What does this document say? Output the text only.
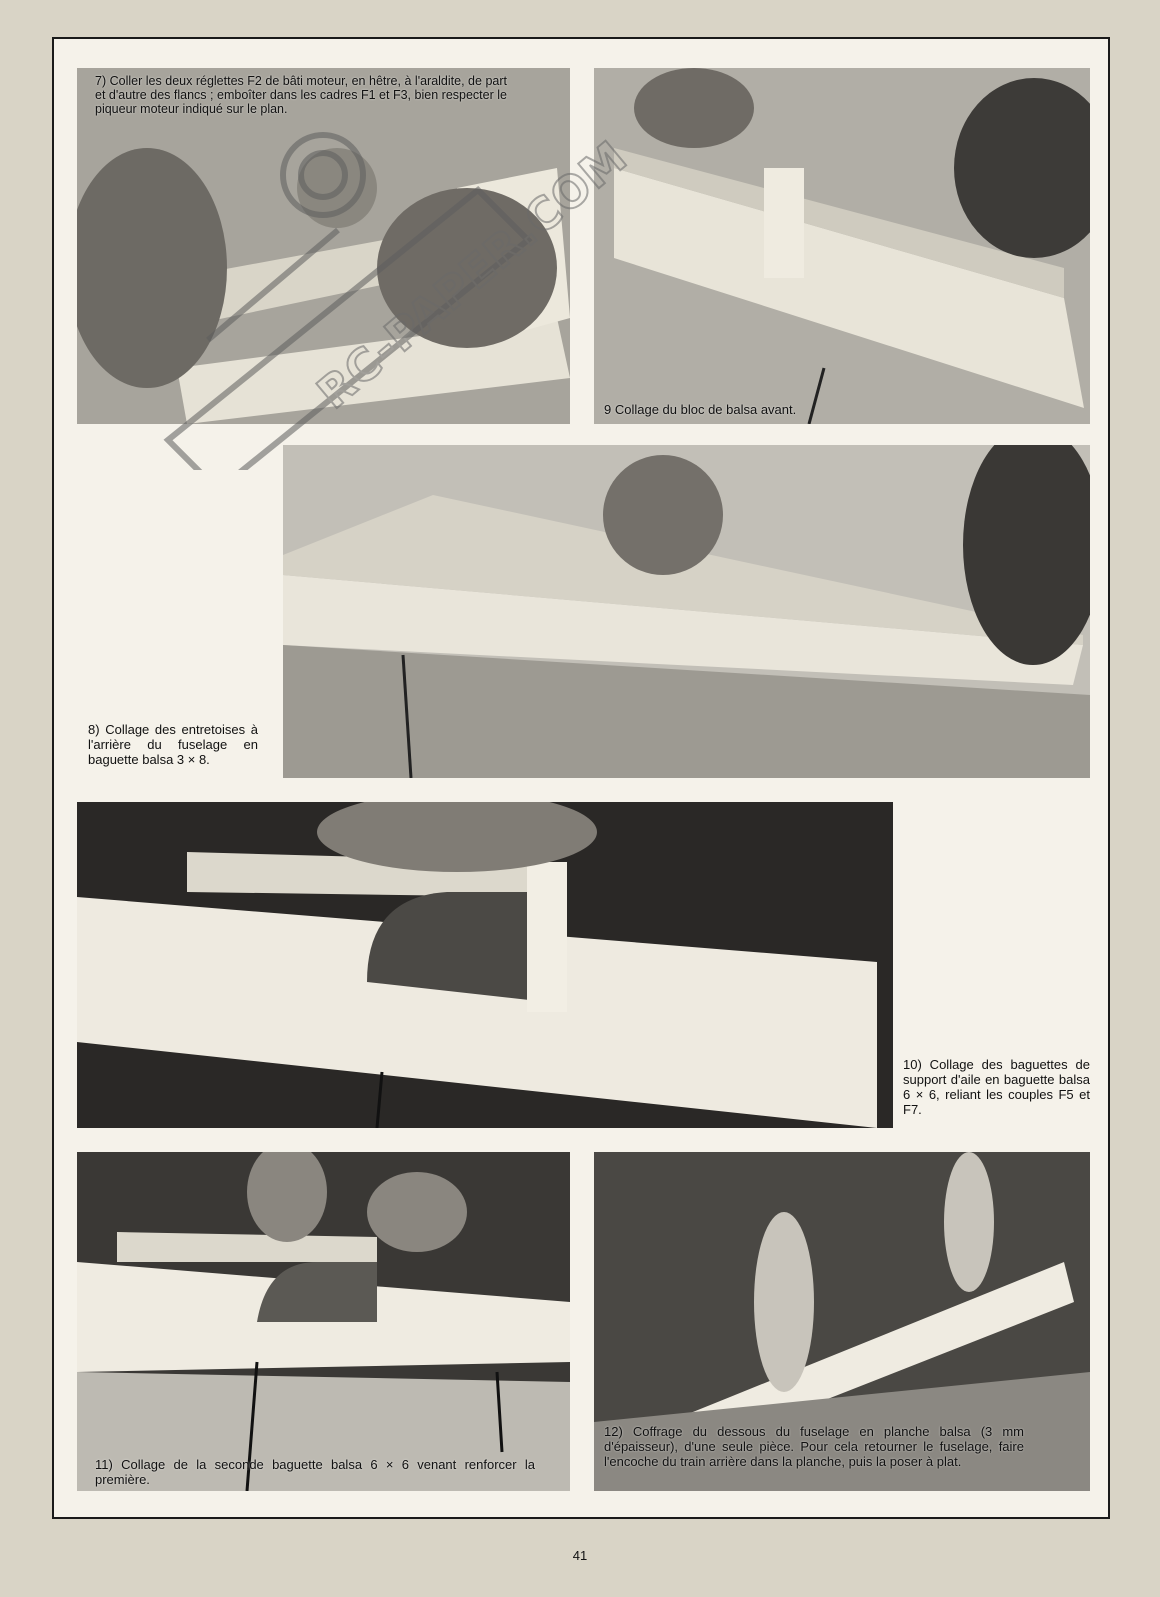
7) Coller les deux réglettes F2 de bâti moteur, en hêtre, à l'araldite, de part et d'autre des flancs ; emboîter dans les cadres F1 et F3, bien respecter le piqueur moteur indiqué sur le plan.
9 Collage du bloc de balsa avant.
8) Collage des entretoises à l'arrière du fuselage en baguette balsa 3 × 8.
10) Collage des baguettes de support d'aile en baguette balsa 6 × 6, reliant les couples F5 et F7.
11) Collage de la seconde baguette balsa 6 × 6 venant renforcer la première.
12) Coffrage du dessous du fuselage en planche balsa (3 mm d'épaisseur), d'une seule pièce. Pour cela retourner le fuselage, faire l'encoche du train arrière dans la planche, puis la poser à plat.
41
